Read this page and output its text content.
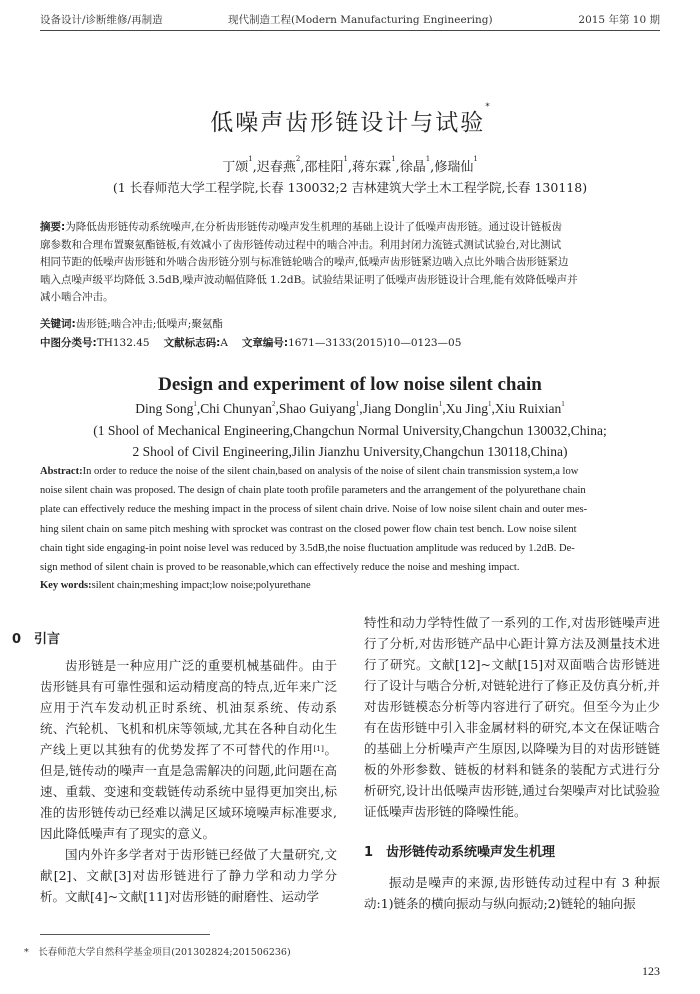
设备设计/诊断维修/再制造	现代制造工程(Modern Manufacturing Engineering)	2015 年第 10 期
低噪声齿形链设计与试验*
丁颂$^1$,迟春燕$^2$,邵桂阳$^1$,蒋东霖$^1$,徐晶$^1$,修瑞仙$^1$
(1 长春师范大学工程学院,长春 130032;2 吉林建筑大学土木工程学院,长春 130118)
摘要:为降低齿形链传动系统噪声,在分析齿形链传动噪声发生机理的基础上设计了低噪声齿形链。通过设计链板齿
廓参数和合理布置聚氨酯链板,有效减小了齿形链传动过程中的啮合冲击。利用封闭力流链式测试试验台,对比测试
相同节距的低噪声齿形链和外啮合齿形链分别与标准链轮啮合的噪声,低噪声齿形链紧边啮入点比外啮合齿形链紧边
啮入点噪声级平均降低 3.5dB,噪声波动幅值降低 1.2dB。试验结果证明了低噪声齿形链设计合理,能有效降低噪声并
减小啮合冲击。
关键词:齿形链;啮合冲击;低噪声;聚氨酯
中图分类号:TH132.45 文献标志码:A 文章编号:1671—3133(2015)10—0123—05
Design and experiment of low noise silent chain
Ding Song$^1$,Chi Chunyan$^2$,Shao Guiyang$^1$,Jiang Donglin$^1$,Xu Jing$^1$,Xiu Ruixian$^1$
(1 Shool of Mechanical Engineering,Changchun Normal University,Changchun 130032,China;
2 Shool of Civil Engineering,Jilin Jianzhu University,Changchun 130118,China)
Abstract:In order to reduce the noise of the silent chain,based on analysis of the noise of silent chain transmission system,a low
noise silent chain was proposed. The design of chain plate tooth profile parameters and the arrangement of the polyurethane chain
plate can effectively reduce the meshing impact in the process of silent chain drive. Noise of low noise silent chain and outer mes-
hing silent chain on same pitch meshing with sprocket was contrast on the closed power flow chain test bench. Low noise silent
chain tight side engaging-in point noise level was reduced by 3.5dB,the noise fluctuation amplitude was reduced by 1.2dB. De-
sign method of silent chain is proved to be reasonable,which can effectively reduce the noise and meshing impact.
Key words:silent chain;meshing impact;low noise;polyurethane
0　引言

齿形链是一种应用广泛的重要机械基础件。由于齿形链具有可靠性强和运动精度高的特点,近年来广泛应用于汽车发动机正时系统、机油泵系统、传动系统、汽轮机、飞机和机床等领域,尤其在各种自动化生产线上更以其独有的优势发挥了不可替代的作用[1]。但是,链传动的噪声一直是急需解决的问题,此问题在高速、重载、变速和变载链传动系统中显得更加突出,标准的齿形链传动已经难以满足区域环境噪声标准要求,因此降低噪声有了现实的意义。

国内外许多学者对于齿形链已经做了大量研究,文献[2]、文献[3]对齿形链进行了静力学和动力学分析。文献[4]~文献[11]对齿形链的耐磨性、运动学

特性和动力学特性做了一系列的工作,对齿形链噪声进行了分析,对齿形链产品中心距计算方法及测量技术进行了研究。文献[12]~文献[15]对双面啮合齿形链进行了设计与啮合分析,对链轮进行了修正及仿真分析,并对齿形链模态分析等内容进行了研究。但至今为止少有在齿形链中引入非金属材料的研究,本文在保证啮合的基础上分析噪声产生原因,以降噪为目的对齿形链链板的外形参数、链板的材料和链条的装配方式进行分析研究,设计出低噪声齿形链,通过台架噪声对比试验验证低噪声齿形链的降噪性能。

1　齿形链传动系统噪声发生机理

振动是噪声的来源,齿形链传动过程中有 3 种振动:1)链条的横向振动与纵向振动;2)链轮的轴向振

*　 长春师范大学自然科学基金项目(201302824;201506236)
123
